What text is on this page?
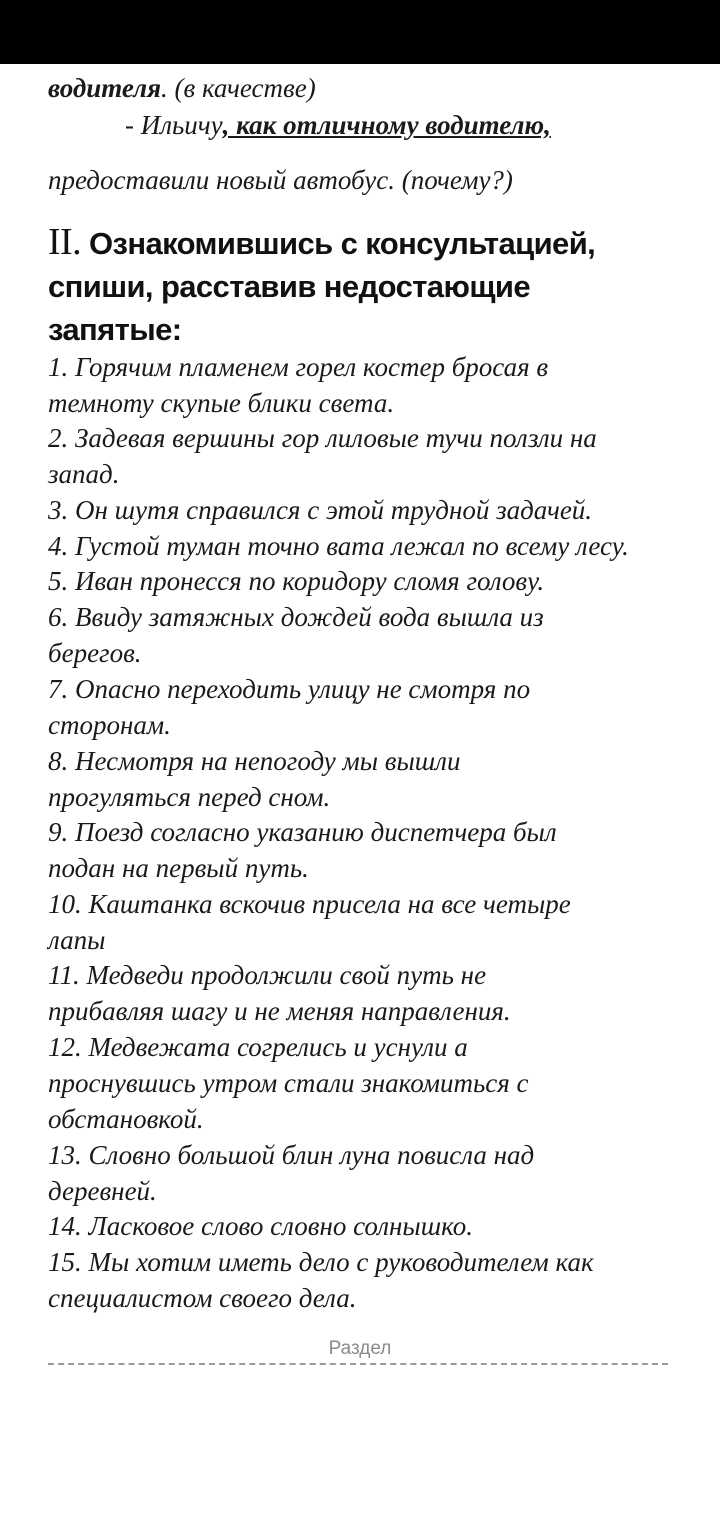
водителя. (в качестве)
- Ильичу, как отличному водителю,
предоставили новый автобус. (почему?)
II. Ознакомившись с консультацией,
спиши, расставив недостающие
запятые:
1. Горячим пламенем горел костер бросая в
темноту скупые блики света.
2. Задевая вершины гор лиловые тучи ползли на
запад.
3. Он шутя справился с этой трудной задачей.
4. Густой туман точно вата лежал по всему лесу.
5. Иван пронесся по коридору сломя голову.
6. Ввиду затяжных дождей вода вышла из
берегов.
7. Опасно переходить улицу не смотря по
сторонам.
8. Несмотря на непогоду мы вышли
прогуляться перед сном.
9. Поезд согласно указанию диспетчера был
подан на первый путь.
10. Каштанка вскочив присела на все четыре
лапы
11. Медведи продолжили свой путь не
прибавляя шагу и не меняя направления.
12. Медвежата согрелись и уснули а
проснувшись утром стали знакомиться с
обстановкой.
13. Словно большой блин луна повисла над
деревней.
14. Ласковое слово словно солнышко.
15. Мы хотим иметь дело с руководителем как
специалистом своего дела.
Раздел
